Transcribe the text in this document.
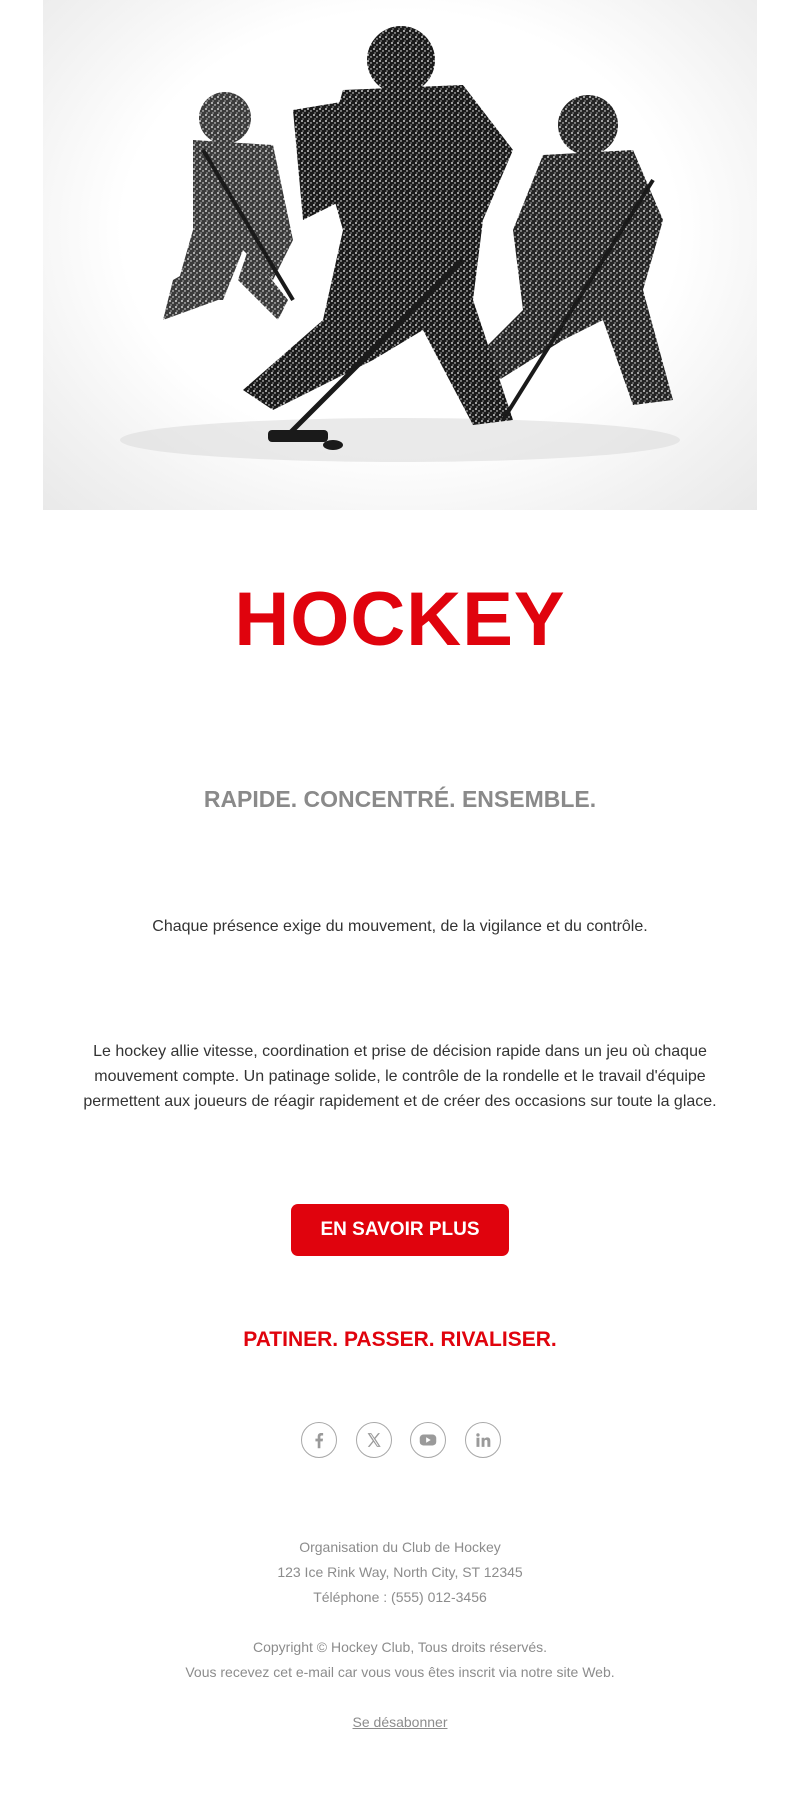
HOCKEY
RAPIDE. CONCENTRÉ. ENSEMBLE.

Chaque présence exige du mouvement, de la vigilance et du contrôle.

Le hockey allie vitesse, coordination et prise de décision rapide dans un jeu où chaque mouvement compte. Un patinage solide, le contrôle de la rondelle et le travail d'équipe permettent aux joueurs de réagir rapidement et de créer des occasions sur toute la glace.

EN SAVOIR PLUS

PATINER. PASSER. RIVALISER.

Organisation du Club de Hockey

123 Ice Rink Way, North City, ST 12345

Téléphone : (555) 012-3456

Copyright © Hockey Club, Tous droits réservés.

Vous recevez cet e-mail car vous vous êtes inscrit via notre site Web.

Se désabonner
